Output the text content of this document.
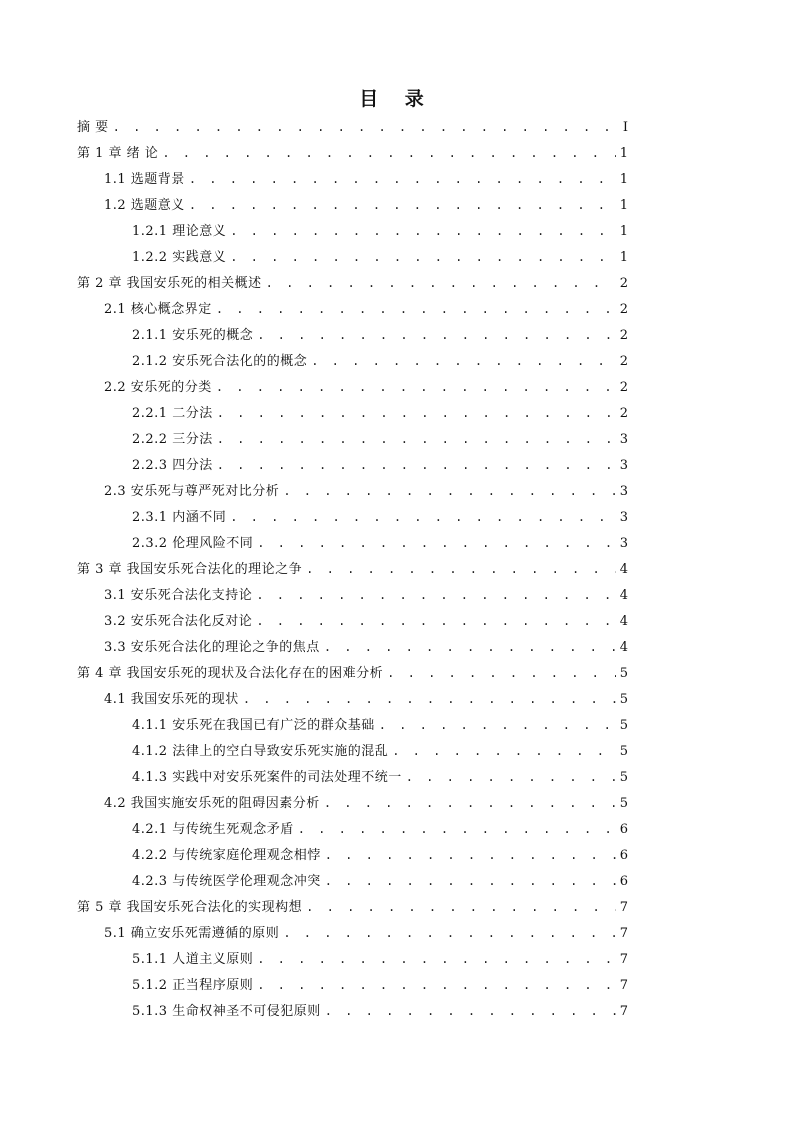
目 录
摘 要 . . .	I
第 1 章 绪 论 . . .	1
1.1 选题背景 . . .	1
1.2 选题意义 . . .	1
1.2.1 理论意义 . . .	1
1.2.2 实践意义 . . .	1
第 2 章 我国安乐死的相关概述 . . .	2
2.1 核心概念界定 . . .	2
2.1.1 安乐死的概念 . . .	2
2.1.2 安乐死合法化的的概念 . . .	2
2.2 安乐死的分类 . . .	2
2.2.1 二分法 . . .	2
2.2.2 三分法 . . .	3
2.2.3 四分法 . . .	3
2.3 安乐死与尊严死对比分析 . . .	3
2.3.1 内涵不同 . . .	3
2.3.2 伦理风险不同 . . .	3
第 3 章 我国安乐死合法化的理论之争 . . .	4
3.1 安乐死合法化支持论 . . .	4
3.2 安乐死合法化反对论 . . .	4
3.3 安乐死合法化的理论之争的焦点 . . .	4
第 4 章 我国安乐死的现状及合法化存在的困难分析 . . .	5
4.1 我国安乐死的现状 . . .	5
4.1.1 安乐死在我国已有广泛的群众基础 . . .	5
4.1.2 法律上的空白导致安乐死实施的混乱 . . .	5
4.1.3 实践中对安乐死案件的司法处理不统一 . . .	5
4.2 我国实施安乐死的阻碍因素分析 . . .	5
4.2.1 与传统生死观念矛盾 . . .	6
4.2.2 与传统家庭伦理观念相悖 . . .	6
4.2.3 与传统医学伦理观念冲突 . . .	6
第 5 章 我国安乐死合法化的实现构想 . . .	7
5.1 确立安乐死需遵循的原则 . . .	7
5.1.1 人道主义原则 . . .	7
5.1.2 正当程序原则 . . .	7
5.1.3 生命权神圣不可侵犯原则 . . .	7
